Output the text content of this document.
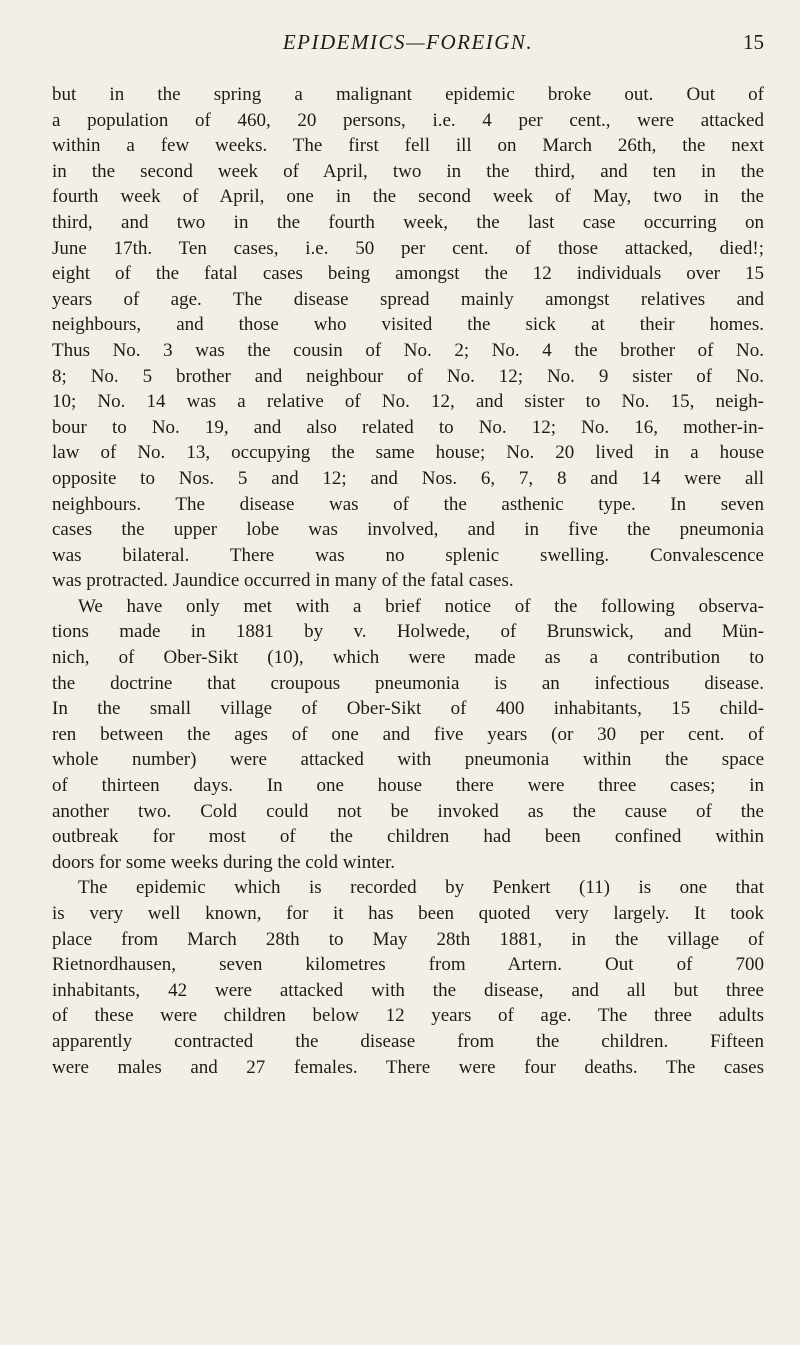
EPIDEMICS—FOREIGN.	15
but in the spring a malignant epidemic broke out. Out of
a population of 460, 20 persons, i.e. 4 per cent., were attacked
within a few weeks. The first fell ill on March 26th, the next
in the second week of April, two in the third, and ten in the
fourth week of April, one in the second week of May, two in the
third, and two in the fourth week, the last case occurring on
June 17th. Ten cases, i.e. 50 per cent. of those attacked, died!;
eight of the fatal cases being amongst the 12 individuals over 15
years of age. The disease spread mainly amongst relatives and
neighbours, and those who visited the sick at their homes.
Thus No. 3 was the cousin of No. 2; No. 4 the brother of No.
8; No. 5 brother and neighbour of No. 12; No. 9 sister of No.
10; No. 14 was a relative of No. 12, and sister to No. 15, neigh-
bour to No. 19, and also related to No. 12; No. 16, mother-in-
law of No. 13, occupying the same house; No. 20 lived in a house
opposite to Nos. 5 and 12; and Nos. 6, 7, 8 and 14 were all
neighbours. The disease was of the asthenic type. In seven
cases the upper lobe was involved, and in five the pneumonia
was bilateral. There was no splenic swelling. Convalescence
was protracted. Jaundice occurred in many of the fatal cases.
We have only met with a brief notice of the following observa-
tions made in 1881 by v. Holwede, of Brunswick, and Mün-
nich, of Ober-Sikt (10), which were made as a contribution to
the doctrine that croupous pneumonia is an infectious disease.
In the small village of Ober-Sikt of 400 inhabitants, 15 child-
ren between the ages of one and five years (or 30 per cent. of
whole number) were attacked with pneumonia within the space
of thirteen days. In one house there were three cases; in
another two. Cold could not be invoked as the cause of the
outbreak for most of the children had been confined within
doors for some weeks during the cold winter.
The epidemic which is recorded by Penkert (11) is one that
is very well known, for it has been quoted very largely. It took
place from March 28th to May 28th 1881, in the village of
Rietnordhausen, seven kilometres from Artern. Out of 700
inhabitants, 42 were attacked with the disease, and all but three
of these were children below 12 years of age. The three adults
apparently contracted the disease from the children. Fifteen
were males and 27 females. There were four deaths. The cases
